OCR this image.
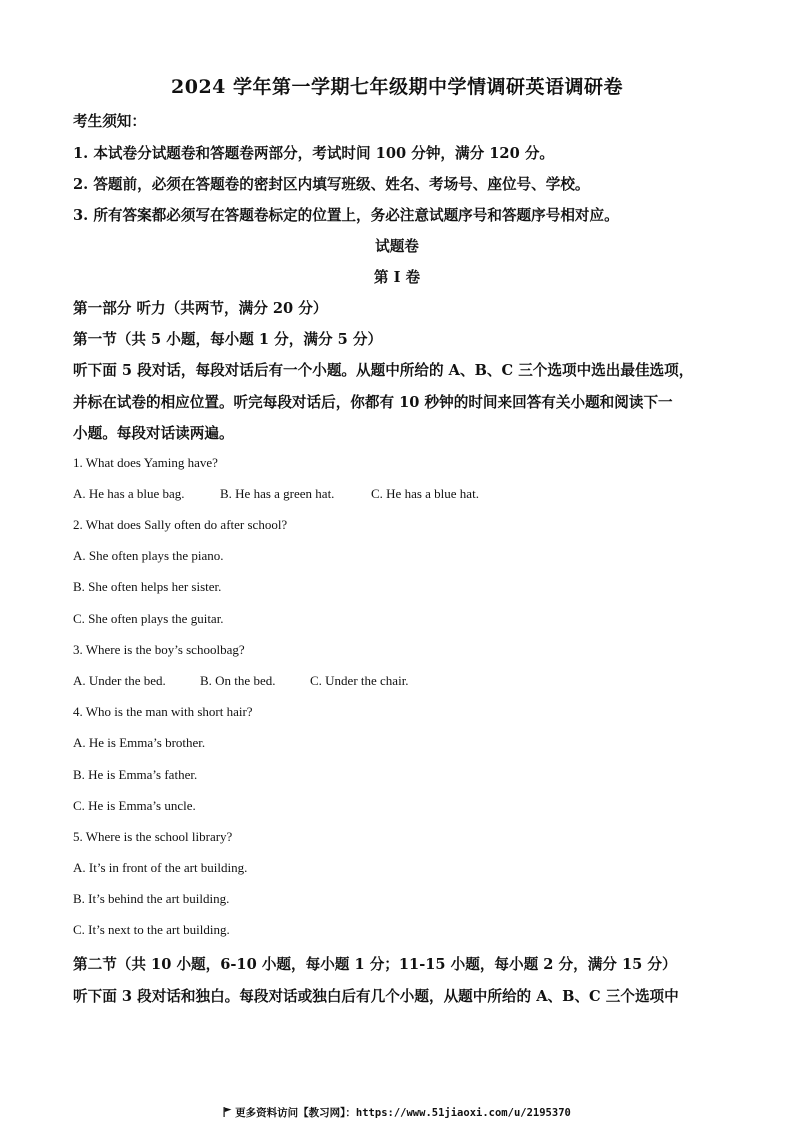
2024 学年第一学期七年级期中学情调研英语调研卷
考生须知：
1. 本试卷分试题卷和答题卷两部分，考试时间 100 分钟，满分 120 分。
2. 答题前，必须在答题卷的密封区内填写班级、姓名、考场号、座位号、学校。
3. 所有答案都必须写在答题卷标定的位置上，务必注意试题序号和答题序号相对应。
试题卷
第 I 卷
第一部分 听力（共两节，满分 20 分）
第一节（共 5 小题，每小题 1 分，满分 5 分）
听下面 5 段对话，每段对话后有一个小题。从题中所给的 A、B、C 三个选项中选出最佳选项，
并标在试卷的相应位置。听完每段对话后，你都有 10 秒钟的时间来回答有关小题和阅读下一
小题。每段对话读两遍。
1. What does Yaming have?
A. He has a blue bag.	B. He has a green hat.	C. He has a blue hat.
2. What does Sally often do after school?
A. She often plays the piano.
B. She often helps her sister.
C. She often plays the guitar.
3. Where is the boy’s schoolbag?
A. Under the bed.	B. On the bed.	C. Under the chair.
4. Who is the man with short hair?
A. He is Emma’s brother.
B. He is Emma’s father.
C. He is Emma’s uncle.
5. Where is the school library?
A. It’s in front of the art building.
B. It’s behind the art building.
C. It’s next to the art building.
第二节（共 10 小题，6-10 小题，每小题 1 分；11-15 小题，每小题 2 分，满分 15 分）
听下面 3 段对话和独白。每段对话或独白后有几个小题，从题中所给的 A、B、C 三个选项中
更多资料访问【教习网】：https://www.51jiaoxi.com/u/2195370
